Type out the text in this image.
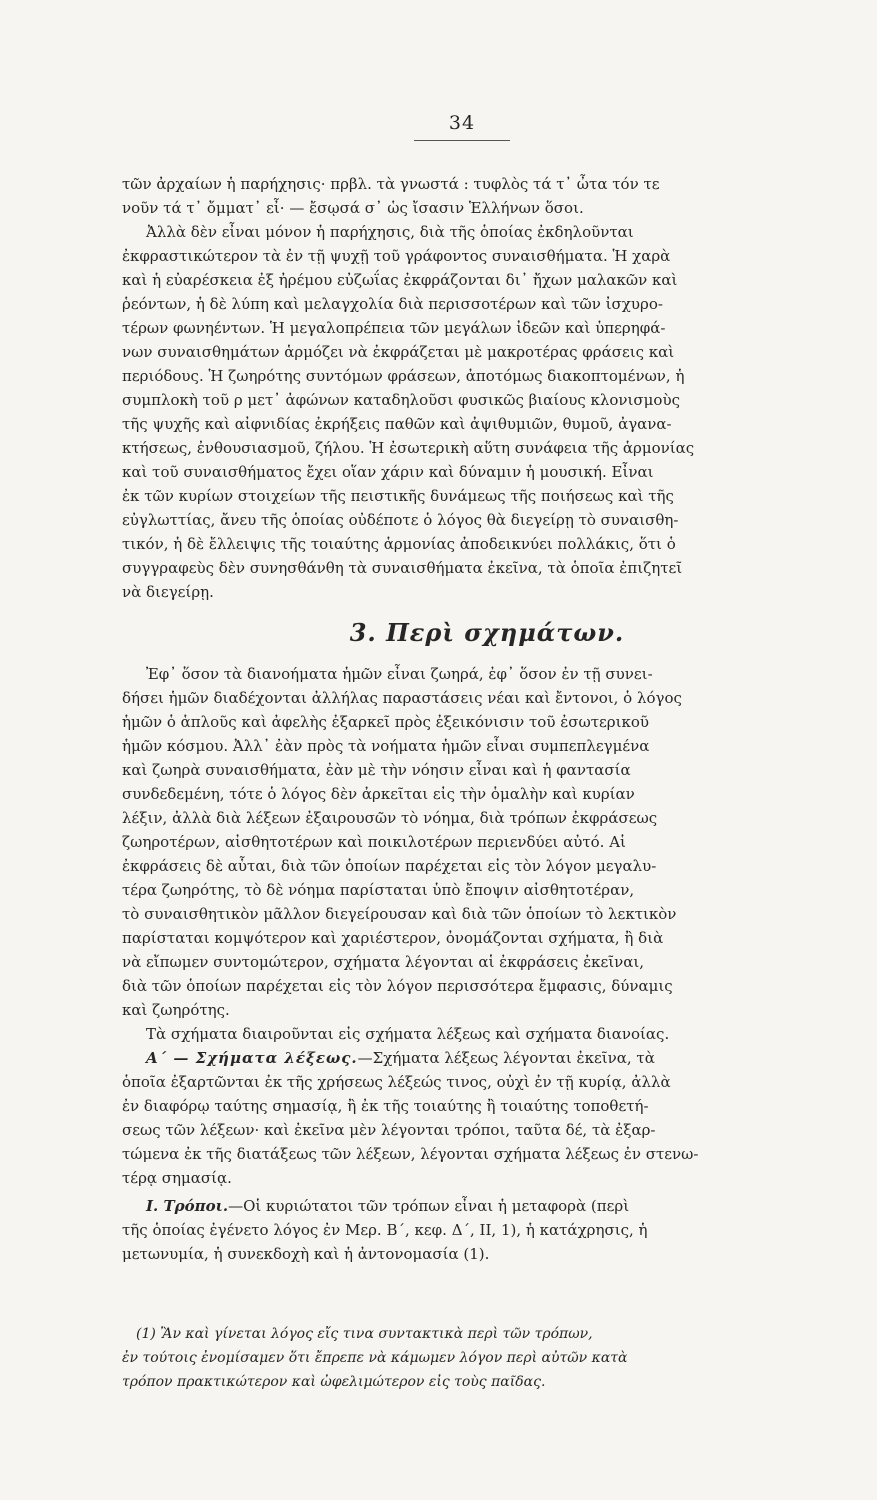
34
τῶν ἀρχαίων ἡ παρήχησις· πρβλ. τὰ γνωστά : τυφλὸς τά τ᾽ ὦτα τόν τε
νοῦν τά τ᾽ ὄμματ᾽ εἶ· — ἔσῳσά σ᾽ ὡς ἴσασιν Ἑλλήνων ὅσοι.
Ἀλλὰ δὲν εἶναι μόνον ἡ παρήχησις, διὰ τῆς ὁποίας ἐκδηλοῦνται
ἐκφραστικώτερον τὰ ἐν τῇ ψυχῇ τοῦ γράφοντος συναισθήματα. Ἡ χαρὰ
καὶ ἡ εὐαρέσκεια ἐξ ἠρέμου εὐζωΐας ἐκφράζονται δι᾽ ἤχων μαλακῶν καὶ
ῥεόντων, ἡ δὲ λύπη καὶ μελαγχολία διὰ περισσοτέρων καὶ τῶν ἰσχυρο-
τέρων φωνηέντων. Ἡ μεγαλοπρέπεια τῶν μεγάλων ἰδεῶν καὶ ὑπερηφά-
νων συναισθημάτων ἁρμόζει νὰ ἐκφράζεται μὲ μακροτέρας φράσεις καὶ
περιόδους. Ἡ ζωηρότης συντόμων φράσεων, ἀποτόμως διακοπτομένων, ἡ
συμπλοκὴ τοῦ ρ μετ᾽ ἀφώνων καταδηλοῦσι φυσικῶς βιαίους κλονισμοὺς
τῆς ψυχῆς καὶ αἰφνιδίας ἐκρήξεις παθῶν καὶ ἀψιθυμιῶν, θυμοῦ, ἀγανα-
κτήσεως, ἐνθουσιασμοῦ, ζήλου. Ἡ ἐσωτερικὴ αὕτη συνάφεια τῆς ἁρμονίας
καὶ τοῦ συναισθήματος ἔχει οἵαν χάριν καὶ δύναμιν ἡ μουσική. Εἶναι
ἐκ τῶν κυρίων στοιχείων τῆς πειστικῆς δυνάμεως τῆς ποιήσεως καὶ τῆς
εὐγλωττίας, ἄνευ τῆς ὁποίας οὐδέποτε ὁ λόγος θὰ διεγείρῃ τὸ συναισθη-
τικόν, ἡ δὲ ἔλλειψις τῆς τοιαύτης ἁρμονίας ἀποδεικνύει πολλάκις, ὅτι ὁ
συγγραφεὺς δὲν συνησθάνθη τὰ συναισθήματα ἐκεῖνα, τὰ ὁποῖα ἐπιζητεῖ
νὰ διεγείρῃ.
3. Περὶ σχημάτων.
Ἐφ᾽ ὅσον τὰ διανοήματα ἡμῶν εἶναι ζωηρά, ἐφ᾽ ὅσον ἐν τῇ συνει-
δήσει ἡμῶν διαδέχονται ἀλλήλας παραστάσεις νέαι καὶ ἔντονοι, ὁ λόγος
ἡμῶν ὁ ἁπλοῦς καὶ ἀφελὴς ἐξαρκεῖ πρὸς ἐξεικόνισιν τοῦ ἐσωτερικοῦ
ἡμῶν κόσμου. Ἀλλ᾽ ἐὰν πρὸς τὰ νοήματα ἡμῶν εἶναι συμπεπλεγμένα
καὶ ζωηρὰ συναισθήματα, ἐὰν μὲ τὴν νόησιν εἶναι καὶ ἡ φαντασία
συνδεδεμένη, τότε ὁ λόγος δὲν ἀρκεῖται εἰς τὴν ὁμαλὴν καὶ κυρίαν
λέξιν, ἀλλὰ διὰ λέξεων ἐξαιρουσῶν τὸ νόημα, διὰ τρόπων ἐκφράσεως
ζωηροτέρων, αἰσθητοτέρων καὶ ποικιλοτέρων περιενδύει αὐτό. Αἱ
ἐκφράσεις δὲ αὗται, διὰ τῶν ὁποίων παρέχεται εἰς τὸν λόγον μεγαλυ-
τέρα ζωηρότης, τὸ δὲ νόημα παρίσταται ὑπὸ ἔποψιν αἰσθητοτέραν,
τὸ συναισθητικὸν μᾶλλον διεγείρουσαν καὶ διὰ τῶν ὁποίων τὸ λεκτικὸν
παρίσταται κομψότερον καὶ χαριέστερον, ὀνομάζονται σχήματα, ἢ διὰ
νὰ εἴπωμεν συντομώτερον, σχήματα λέγονται αἱ ἐκφράσεις ἐκεῖναι,
διὰ τῶν ὁποίων παρέχεται εἰς τὸν λόγον περισσότερα ἔμφασις, δύναμις
καὶ ζωηρότης.
Τὰ σχήματα διαιροῦνται εἰς σχήματα λέξεως καὶ σχήματα διανοίας.
Α΄ — Σχήματα λέξεως.—Σχήματα λέξεως λέγονται ἐκεῖνα, τὰ
ὁποῖα ἐξαρτῶνται ἐκ τῆς χρήσεως λέξεώς τινος, οὐχὶ ἐν τῇ κυρίᾳ, ἀλλὰ
ἐν διαφόρῳ ταύτης σημασίᾳ, ἢ ἐκ τῆς τοιαύτης ἢ τοιαύτης τοποθετή-
σεως τῶν λέξεων· καὶ ἐκεῖνα μὲν λέγονται τρόποι, ταῦτα δέ, τὰ ἐξαρ-
τώμενα ἐκ τῆς διατάξεως τῶν λέξεων, λέγονται σχήματα λέξεως ἐν στενω-
τέρᾳ σημασίᾳ.
Ι. Τρόποι.—Οἱ κυριώτατοι τῶν τρόπων εἶναι ἡ μεταφορὰ (περὶ
τῆς ὁποίας ἐγένετο λόγος ἐν Μερ. Β΄, κεφ. Δ΄, ΙΙ, 1), ἡ κατάχρησις, ἡ
μετωνυμία, ἡ συνεκδοχὴ καὶ ἡ ἀντονομασία (1).
(1) Ἂν καὶ γίνεται λόγος εἴς τινα συντακτικὰ περὶ τῶν τρόπων,
ἐν τούτοις ἐνομίσαμεν ὅτι ἔπρεπε νὰ κάμωμεν λόγον περὶ αὐτῶν κατὰ
τρόπον πρακτικώτερον καὶ ὠφελιμώτερον εἰς τοὺς παῖδας.
